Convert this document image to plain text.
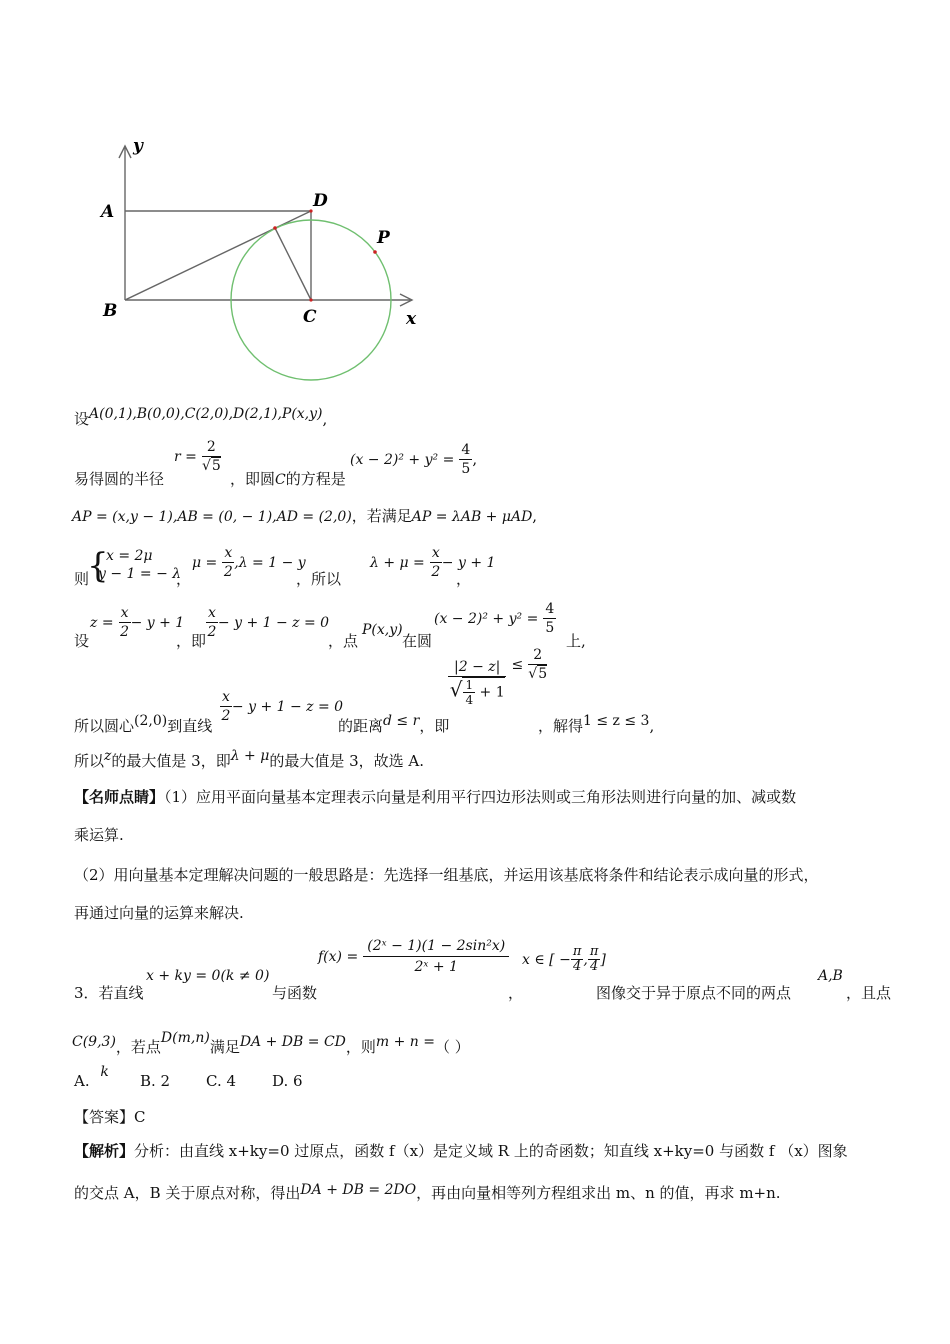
y
A
D
P
B	C	x
设A(0,1),B(0,0),C(2,0),D(2,1),P(x,y),
易得圆的半径
$r = \frac{2}{√5}$
，即圆C的方程是
$(x - 2)^2 + y^2 = \frac{4}{5}$ ,
AP = (x,y − 1),AB = (0, − 1),AD = (2,0)，若满足AP = λAB + μAD,
则
{
x = 2μ
y − 1 = − λ
，
$\mu = \frac{x}{2} ,\lambda = 1 - y$
，所以
$\lambda + \mu = \frac{x}{2} - y + 1$
，
设
$z = \frac{x}{2} - y + 1$
，即 $\frac{x}{2} - y + 1 - z = 0$
，点
P(x,y)
在圆
$(x - 2)^2 + y^2 = \frac{4}{5}$
上,
所以圆心(2,0)到直线
$\frac{x}{2} - y + 1 - z = 0$
的距离d ≤ r，即
$\frac{|2 - z|}{√ \frac{1}{4} + 1} \le \frac{2}{√5}$
，解得1 ≤ z ≤ 3,
所以z的最大值是 3，即λ + μ的最大值是 3，故选 A.
【名师点睛】（1）应用平面向量基本定理表示向量是利用平行四边形法则或三角形法则进行向量的加、减或数
乘运算.
（2）用向量基本定理解决问题的一般思路是：先选择一组基底，并运用该基底将条件和结论表示成向量的形式，
再通过向量的运算来解决.
x + ky = 0(k ≠ 0)
3．若直线	与函数
$f(x) = \frac{\text{(2ˣ − 1)(1 − 2sin²x)}}{\text{2ˣ + 1}}$
，
x ∈ [ − $\frac{\pi}{4}$ , $\frac{\pi}{4}$ ]
图像交于异于原点不同的两点
A,B
，且点
C(9,3)，若点D(m,n)满足DA + DB = CD，则m + n =（ ）
A. k B. 2 C. 4 D. 6
【答案】C
【解析】分析：由直线 x+ky=0 过原点，函数 f（x）是定义域 R 上的奇函数；知直线 x+ky=0 与函数 f （x）图象
的交点 A，B 关于原点对称，得出DA + DB = 2DO，再由向量相等列方程组求出 m、n 的值，再求 m+n.
